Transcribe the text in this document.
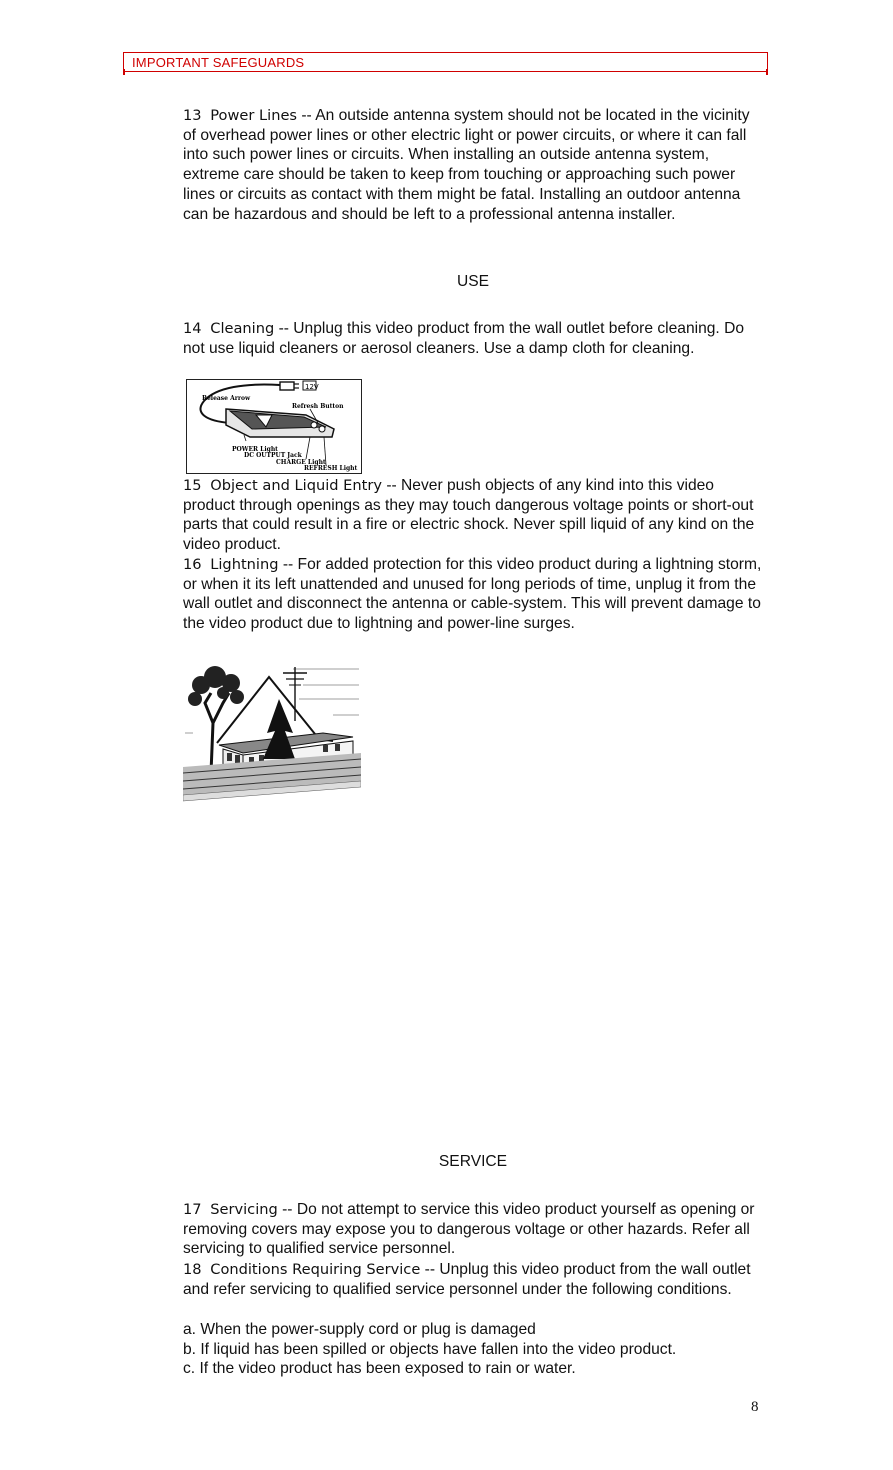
IMPORTANT SAFEGUARDS

13 Power Lines -- An outside antenna system should not be located in the vicinity of overhead power lines or other electric light or power circuits, or where it can fall into such power lines or circuits. When installing an outside antenna system, extreme care should be taken to keep from touching or approaching such power lines or circuits as contact with them might be fatal. Installing an outdoor antenna can be hazardous and should be left to a professional antenna installer.

USE

14 Cleaning -- Unplug this video product from the wall outlet before cleaning. Do not use liquid cleaners or aerosol cleaners. Use a damp cloth for cleaning.

12V
Release Arrow
Refresh Button
POWER Light
DC OUTPUT Jack
CHARGE Light
REFRESH Light

15 Object and Liquid Entry -- Never push objects of any kind into this video product through openings as they may touch dangerous voltage points or short-out parts that could result in a fire or electric shock. Never spill liquid of any kind on the video product.

16 Lightning -- For added protection for this video product during a lightning storm, or when it its left unattended and unused for long periods of time, unplug it from the wall outlet and disconnect the antenna or cable-system. This will prevent damage to the video product due to lightning and power-line surges.

SERVICE

17 Servicing -- Do not attempt to service this video product yourself as opening or removing covers may expose you to dangerous voltage or other hazards. Refer all servicing to qualified service personnel.

18 Conditions Requiring Service -- Unplug this video product from the wall outlet and refer servicing to qualified service personnel under the following conditions.

a. When the power-supply cord or plug is damaged
b. If liquid has been spilled or objects have fallen into the video product.
c. If the video product has been exposed to rain or water.
8
